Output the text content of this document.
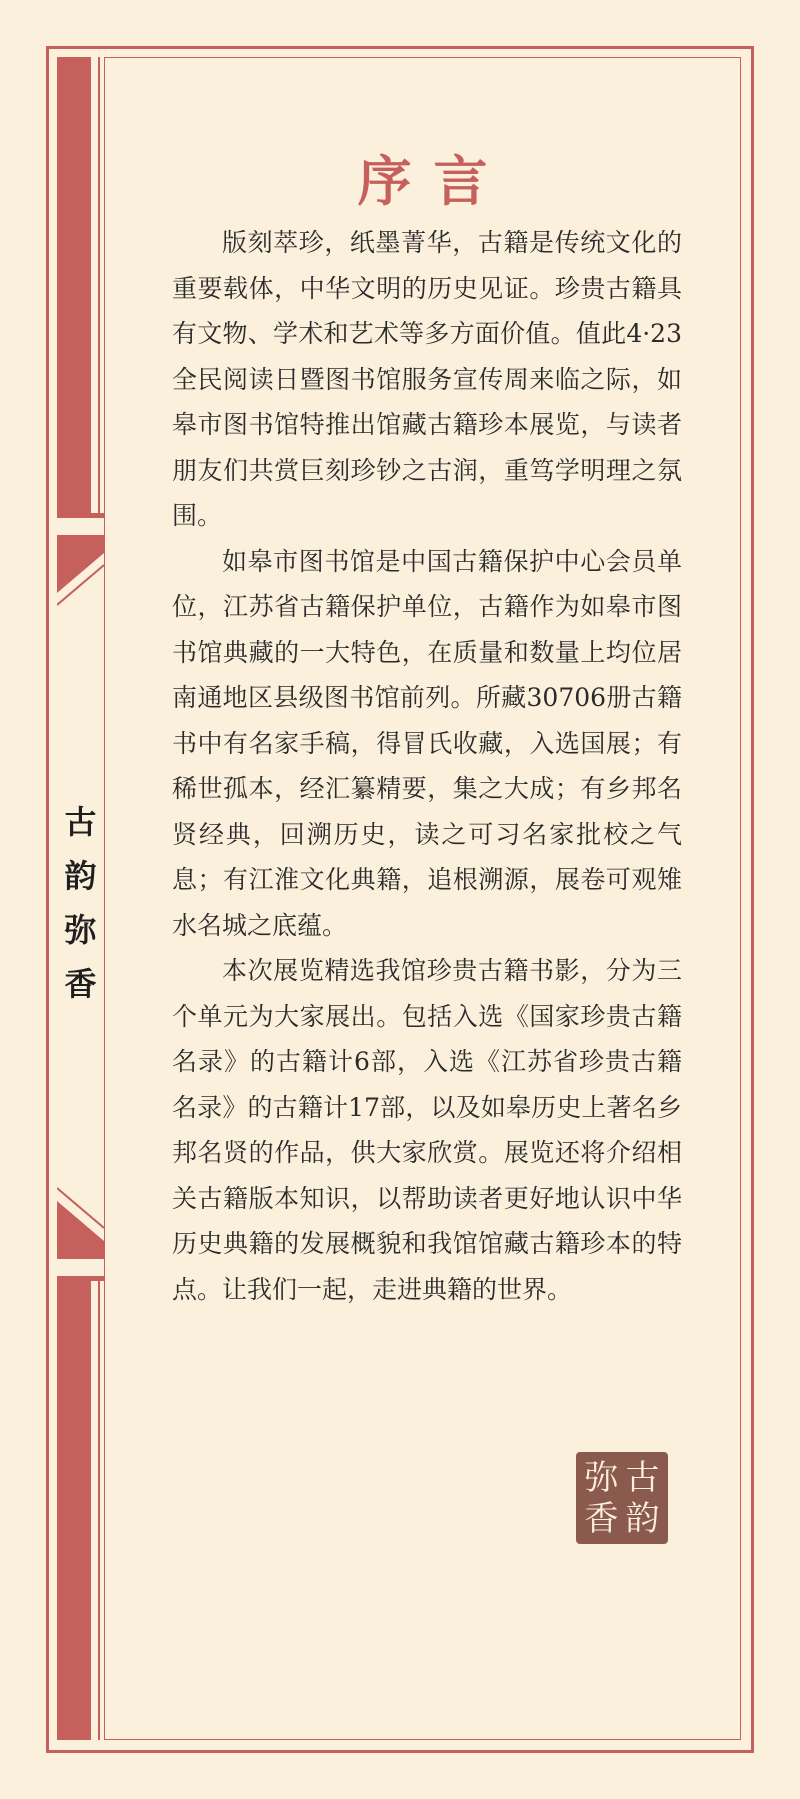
古
韵
弥
香
序言

版刻萃珍，纸墨菁华，古籍是传统文化的重要载体，中华文明的历史见证。珍贵古籍具有文物、学术和艺术等多方面价值。值此4·23全民阅读日暨图书馆服务宣传周来临之际，如皋市图书馆特推出馆藏古籍珍本展览，与读者朋友们共赏巨刻珍钞之古润，重笃学明理之氛围。

如皋市图书馆是中国古籍保护中心会员单位，江苏省古籍保护单位，古籍作为如皋市图书馆典藏的一大特色，在质量和数量上均位居南通地区县级图书馆前列。所藏30706册古籍书中有名家手稿，得冒氏收藏，入选国展；有稀世孤本，经汇纂精要，集之大成；有乡邦名贤经典，回溯历史，读之可习名家批校之气息；有江淮文化典籍，追根溯源，展卷可观雉水名城之底蕴。

本次展览精选我馆珍贵古籍书影，分为三个单元为大家展出。包括入选《国家珍贵古籍名录》的古籍计6部，入选《江苏省珍贵古籍名录》的古籍计17部，以及如皋历史上著名乡邦名贤的作品，供大家欣赏。展览还将介绍相关古籍版本知识，以帮助读者更好地认识中华历史典籍的发展概貌和我馆馆藏古籍珍本的特点。让我们一起，走进典籍的世界。

弥 古
香 韵
